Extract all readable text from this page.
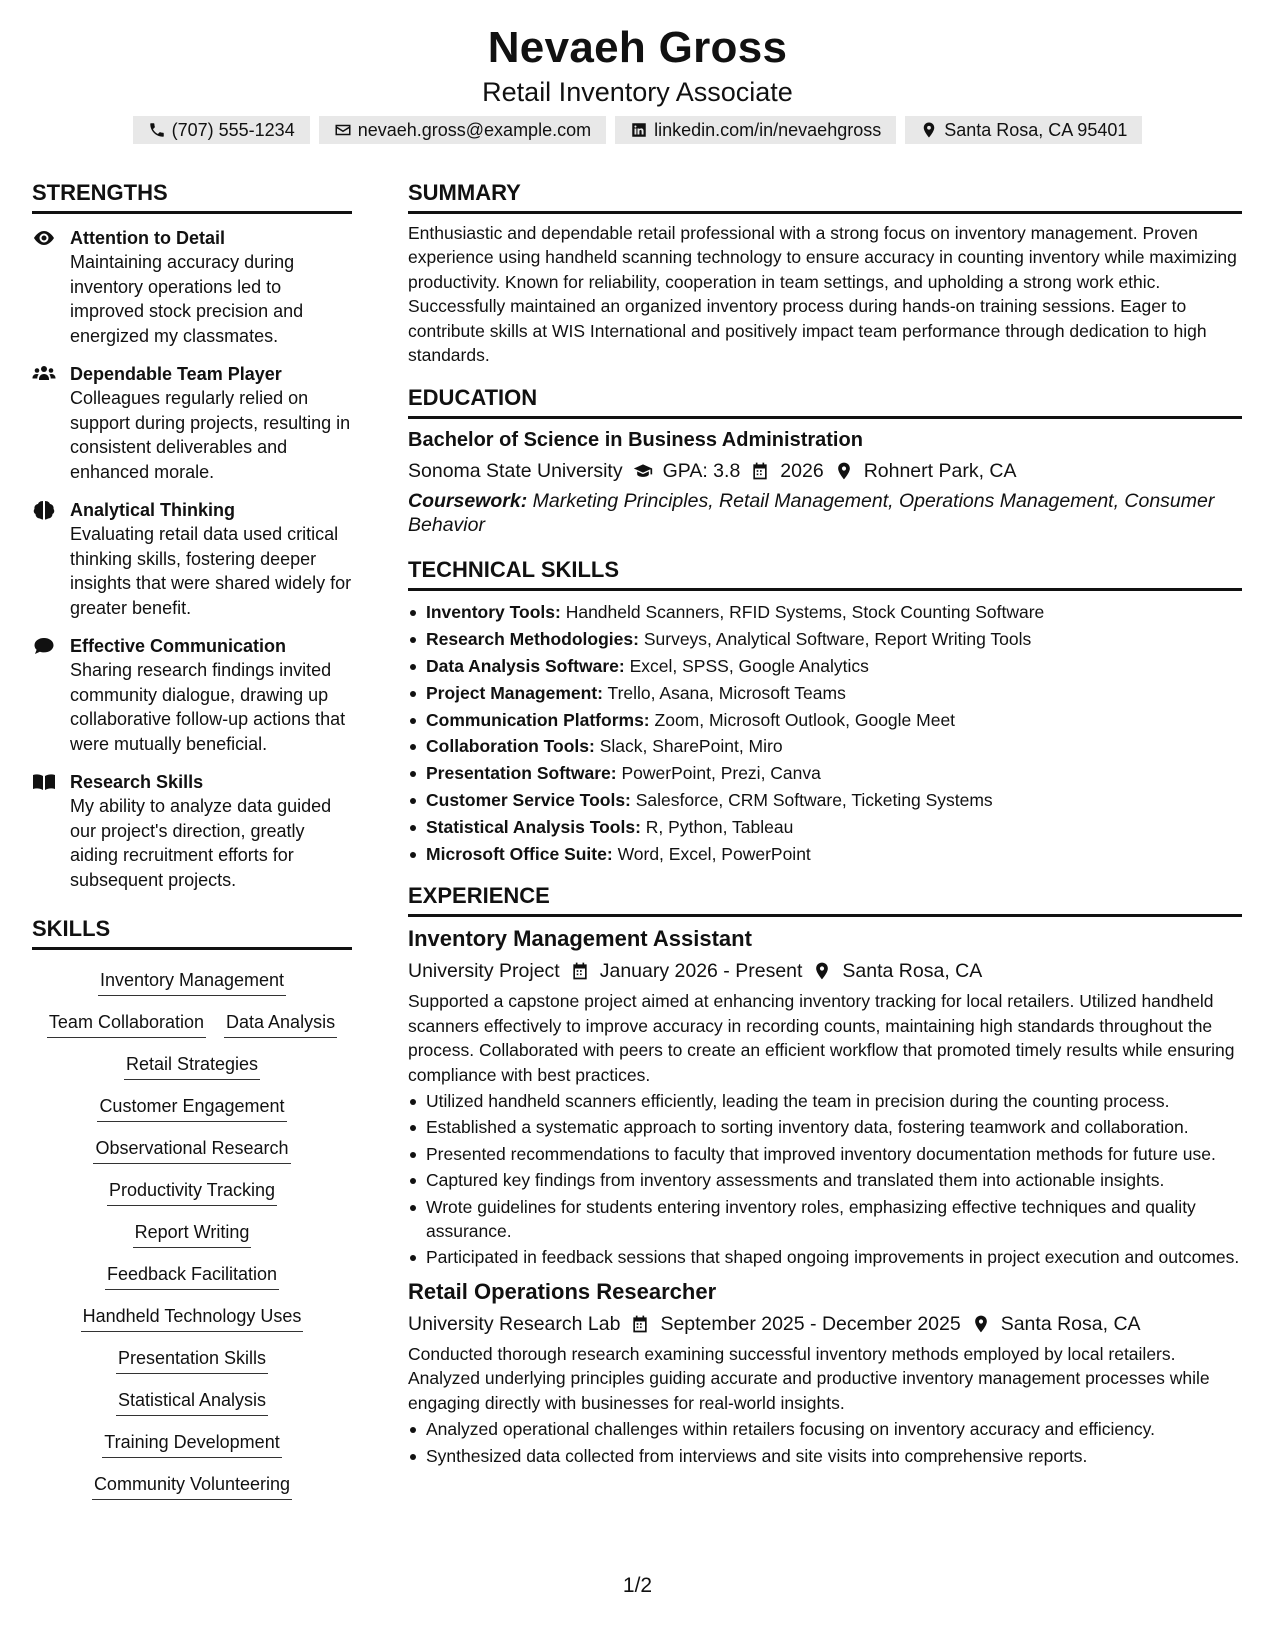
Nevaeh Gross
Retail Inventory Associate
(707) 555-1234	nevaeh.gross@example.com	linkedin.com/in/nevaehgross	Santa Rosa, CA 95401
STRENGTHS
Attention to Detail
Maintaining accuracy during inventory operations led to improved stock precision and energized my classmates.
Dependable Team Player
Colleagues regularly relied on support during projects, resulting in consistent deliverables and enhanced morale.
Analytical Thinking
Evaluating retail data used critical thinking skills, fostering deeper insights that were shared widely for greater benefit.
Effective Communication
Sharing research findings invited community dialogue, drawing up collaborative follow-up actions that were mutually beneficial.
Research Skills
My ability to analyze data guided our project's direction, greatly aiding recruitment efforts for subsequent projects.
SKILLS
Inventory Management
Team Collaboration Data Analysis
Retail Strategies
Customer Engagement
Observational Research
Productivity Tracking
Report Writing
Feedback Facilitation
Handheld Technology Uses
Presentation Skills
Statistical Analysis
Training Development
Community Volunteering
SUMMARY
Enthusiastic and dependable retail professional with a strong focus on inventory management. Proven experience using handheld scanning technology to ensure accuracy in counting inventory while maximizing productivity. Known for reliability, cooperation in team settings, and upholding a strong work ethic. Successfully maintained an organized inventory process during hands-on training sessions. Eager to contribute skills at WIS International and positively impact team performance through dedication to high standards.
EDUCATION
Bachelor of Science in Business Administration
Sonoma State University GPA: 3.8 2026 Rohnert Park, CA
Coursework: Marketing Principles, Retail Management, Operations Management, Consumer Behavior
TECHNICAL SKILLS
Inventory Tools: Handheld Scanners, RFID Systems, Stock Counting Software
Research Methodologies: Surveys, Analytical Software, Report Writing Tools
Data Analysis Software: Excel, SPSS, Google Analytics
Project Management: Trello, Asana, Microsoft Teams
Communication Platforms: Zoom, Microsoft Outlook, Google Meet
Collaboration Tools: Slack, SharePoint, Miro
Presentation Software: PowerPoint, Prezi, Canva
Customer Service Tools: Salesforce, CRM Software, Ticketing Systems
Statistical Analysis Tools: R, Python, Tableau
Microsoft Office Suite: Word, Excel, PowerPoint
EXPERIENCE
Inventory Management Assistant
University Project January 2026 - Present Santa Rosa, CA
Supported a capstone project aimed at enhancing inventory tracking for local retailers. Utilized handheld scanners effectively to improve accuracy in recording counts, maintaining high standards throughout the process. Collaborated with peers to create an efficient workflow that promoted timely results while ensuring compliance with best practices.
Utilized handheld scanners efficiently, leading the team in precision during the counting process.
Established a systematic approach to sorting inventory data, fostering teamwork and collaboration.
Presented recommendations to faculty that improved inventory documentation methods for future use.
Captured key findings from inventory assessments and translated them into actionable insights.
Wrote guidelines for students entering inventory roles, emphasizing effective techniques and quality assurance.
Participated in feedback sessions that shaped ongoing improvements in project execution and outcomes.
Retail Operations Researcher
University Research Lab September 2025 - December 2025 Santa Rosa, CA
Conducted thorough research examining successful inventory methods employed by local retailers. Analyzed underlying principles guiding accurate and productive inventory management processes while engaging directly with businesses for real-world insights.
Analyzed operational challenges within retailers focusing on inventory accuracy and efficiency.
Synthesized data collected from interviews and site visits into comprehensive reports.
1/2
